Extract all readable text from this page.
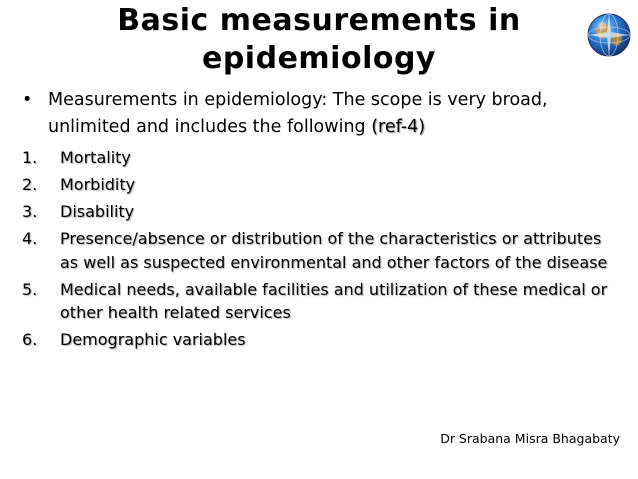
Basic measurements in
epidemiology
• Measurements in epidemiology: The scope is very broad, unlimited and includes the following (ref-4)
1. Mortality
2. Morbidity
3. Disability
4. Presence/absence or distribution of the characteristics or attributes as well as suspected environmental and other factors of the disease
5. Medical needs, available facilities and utilization of these medical or other health related services
6. Demographic variables
Dr Srabana Misra Bhagabaty
